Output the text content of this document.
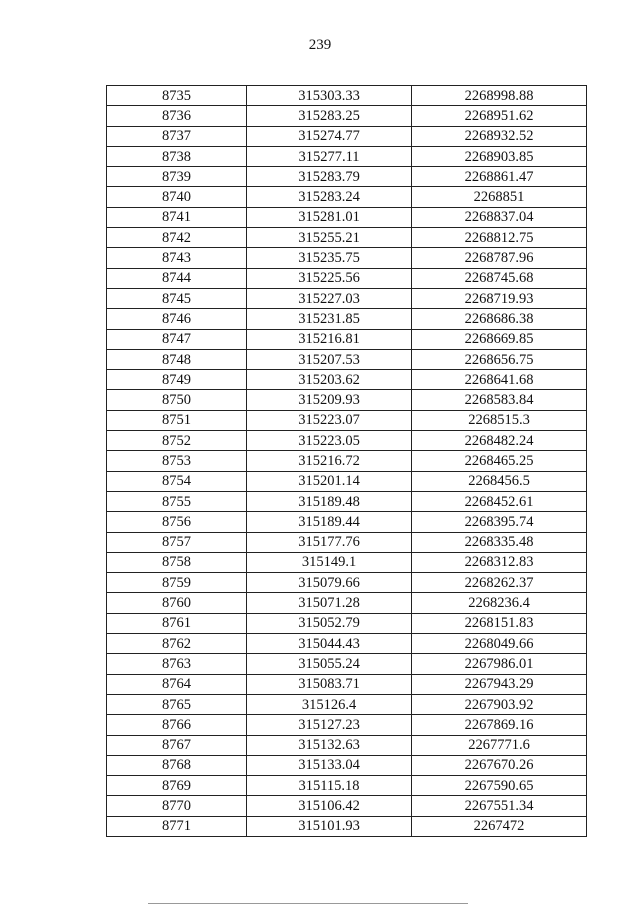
239
8735	315303.33	2268998.88
8736	315283.25	2268951.62
8737	315274.77	2268932.52
8738	315277.11	2268903.85
8739	315283.79	2268861.47
8740	315283.24	2268851
8741	315281.01	2268837.04
8742	315255.21	2268812.75
8743	315235.75	2268787.96
8744	315225.56	2268745.68
8745	315227.03	2268719.93
8746	315231.85	2268686.38
8747	315216.81	2268669.85
8748	315207.53	2268656.75
8749	315203.62	2268641.68
8750	315209.93	2268583.84
8751	315223.07	2268515.3
8752	315223.05	2268482.24
8753	315216.72	2268465.25
8754	315201.14	2268456.5
8755	315189.48	2268452.61
8756	315189.44	2268395.74
8757	315177.76	2268335.48
8758	315149.1	2268312.83
8759	315079.66	2268262.37
8760	315071.28	2268236.4
8761	315052.79	2268151.83
8762	315044.43	2268049.66
8763	315055.24	2267986.01
8764	315083.71	2267943.29
8765	315126.4	2267903.92
8766	315127.23	2267869.16
8767	315132.63	2267771.6
8768	315133.04	2267670.26
8769	315115.18	2267590.65
8770	315106.42	2267551.34
8771	315101.93	2267472
